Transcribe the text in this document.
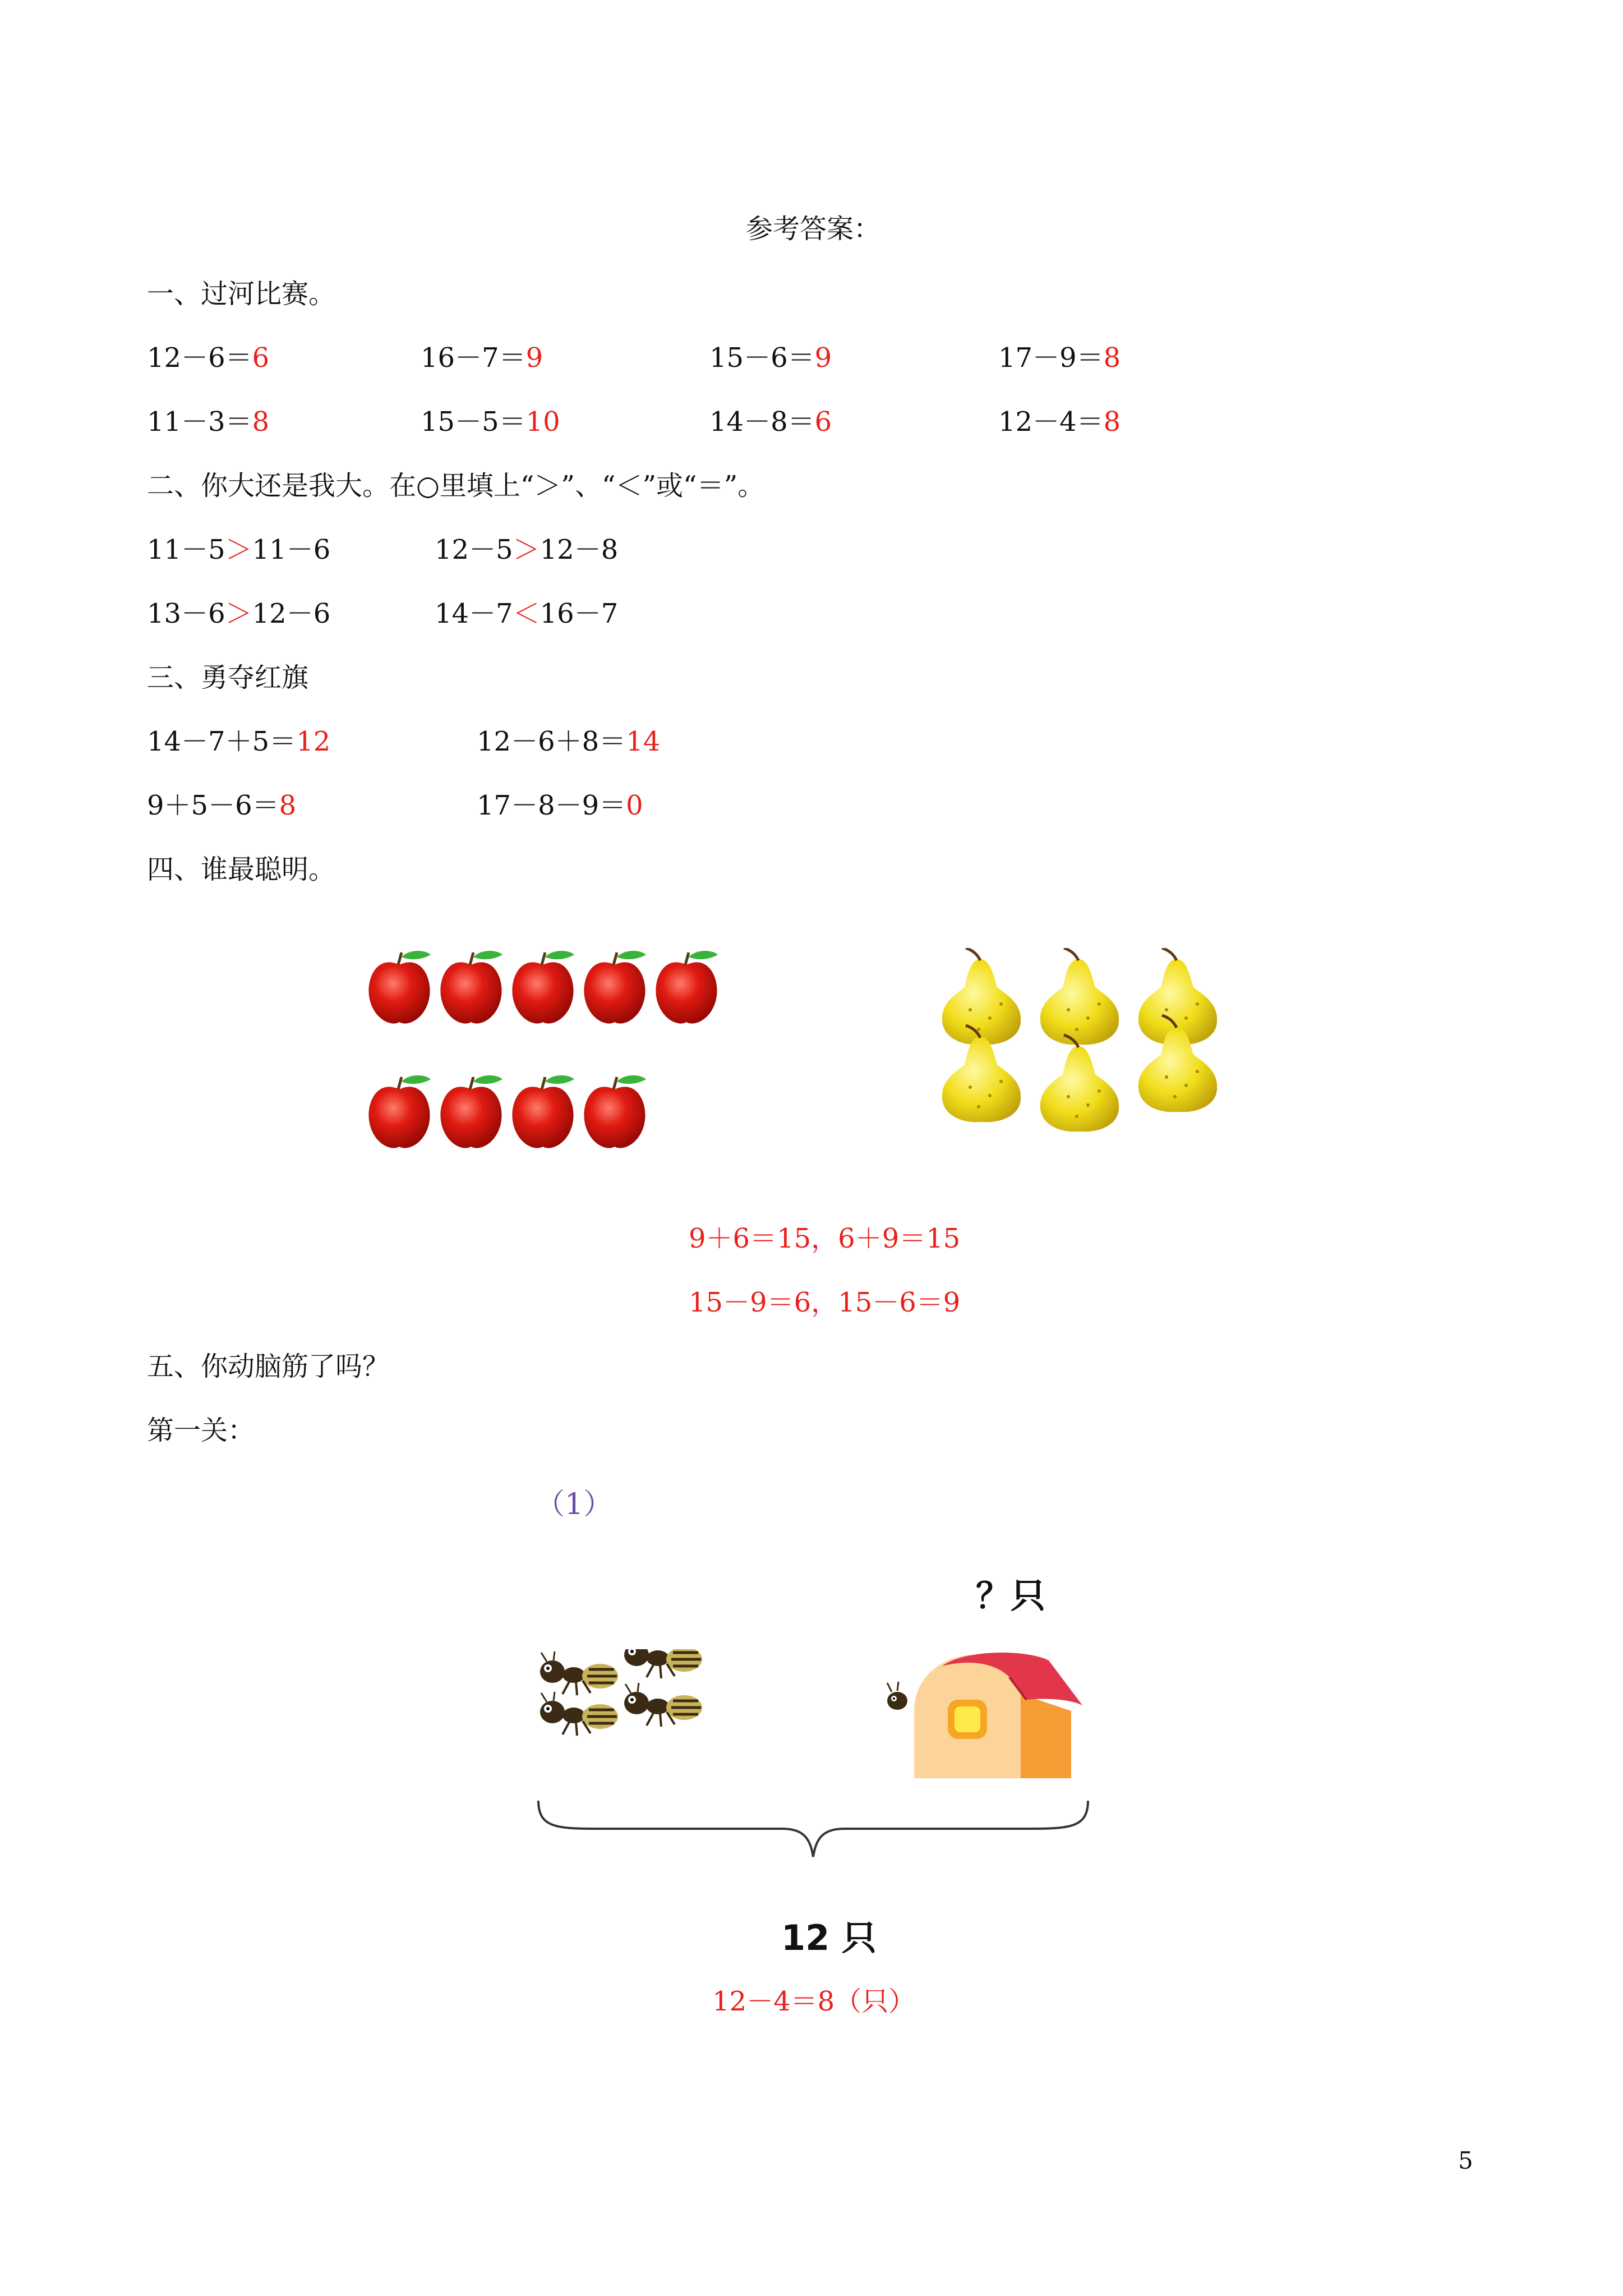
参考答案：
一、过河比赛。
12－6＝6	16－7＝9	15－6＝9	17－9＝8
11－3＝8	15－5＝10	14－8＝6	12－4＝8
二、你大还是我大。在○里填上“＞”、“＜”或“＝”。
11－5＞11－6	12－5＞12－8
13－6＞12－6	14－7＜16－7
三、勇夺红旗
14－7＋5＝12	12－6＋8＝14
9＋5－6＝8	17－8－9＝0
四、谁最聪明。
9＋6＝15，6＋9＝15
15－9＝6，15－6＝9
五、你动脑筋了吗？
第一关：
（1）
？只
12 只
12－4＝8（只）
5
